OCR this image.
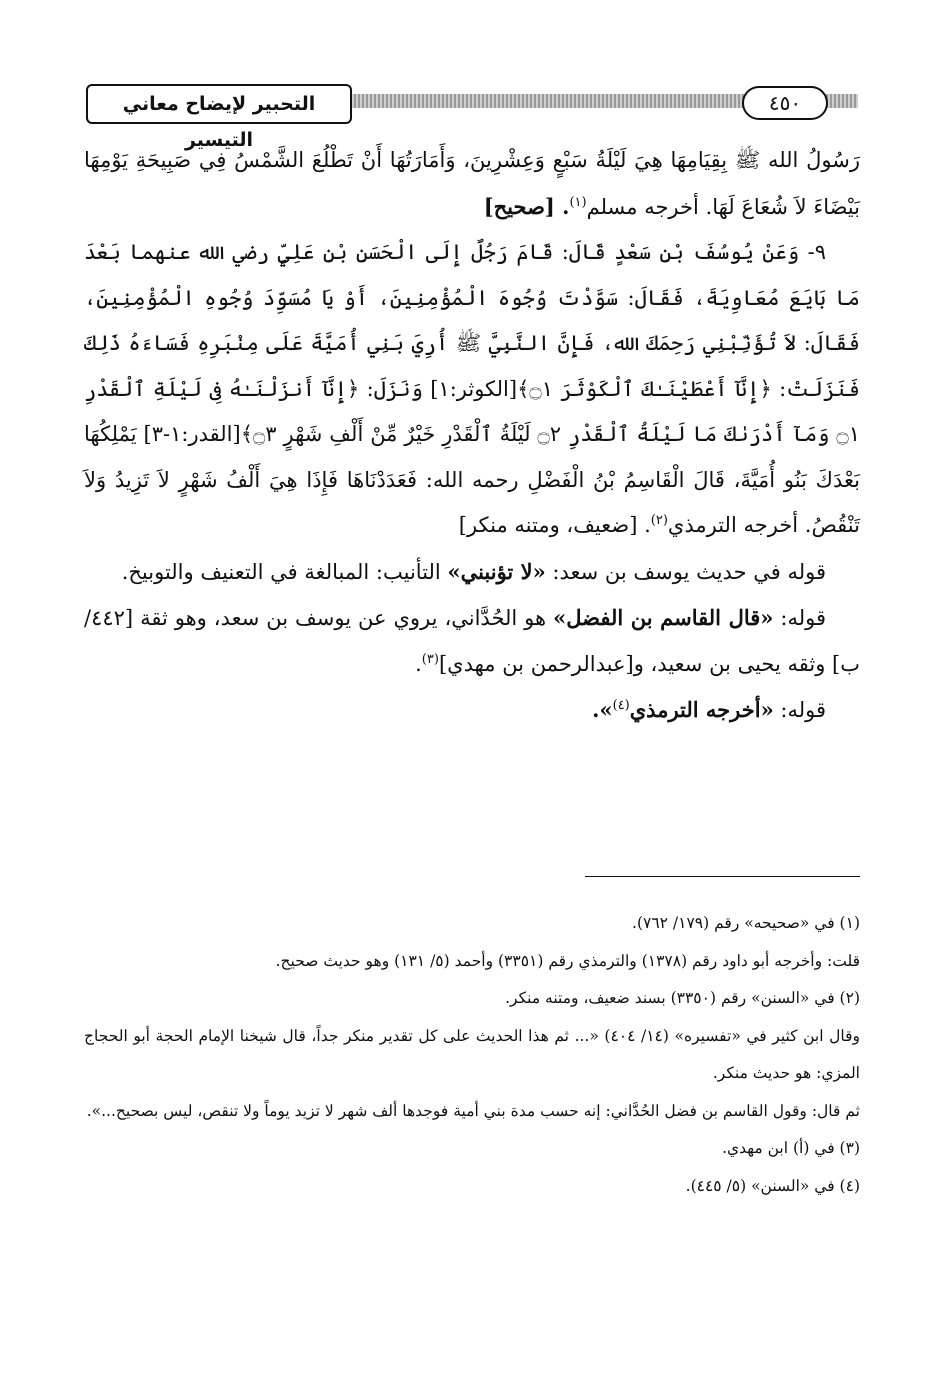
التحبير لإيضاح معاني التيسير
٤٥٠

رَسُولُ الله ﷺ بِقِيَامِهَا هِيَ لَيْلَةُ سَبْعٍ وَعِشْرِينَ، وَأَمَارَتُهَا أَنْ تَطْلُعَ الشَّمْسُ فِي صَبِيحَةِ يَوْمِهَا بَيْضَاءَ لاَ شُعَاعَ لَهَا. أخرجه مسلم$^{(١)}$. [صحيح]

٩- وَعَنْ يُوسُفَ بْنِ سَعْدٍ قَالَ: قَامَ رَجُلٌ إِلَى الْحَسَنِ بْنِ عَلِيٍّ رضي الله عنهما بَعْدَ مَا بَايَعَ مُعَاوِيَةَ، فَقَالَ: سَوَّدْتَ وُجُوهَ الْمُؤْمِنِينَ، أَوْ يَا مُسَوِّدَ وُجُوهِ الْمُؤْمِنِينَ، فَقَالَ: لاَ تُؤَنِّبْنِي رَحِمَكَ الله، فَإِنَّ النَّبِيَّ ﷺ أُرِيَ بَنِي أُمَيَّةَ عَلَى مِنْبَرِهِ فَسَاءَهُ ذَلِكَ فَنَزَلَتْ: ﴿إِنَّآ أَعْطَيْنَـٰكَ ٱلْكَوْثَرَ ۝١﴾[الكوثر:١] وَنَزَلَ: ﴿إِنَّآ أَنزَلْنَـٰهُ فِى لَيْلَةِ ٱلْقَدْرِ ۝١ وَمَآ أَدْرَىٰكَ مَا لَيْلَةُ ٱلْقَدْرِ ۝٢ لَيْلَةُ ٱلْقَدْرِ خَيْرٌ مِّنْ أَلْفِ شَهْرٍ ۝٣﴾[القدر:١-٣] يَمْلِكُهَا بَعْدَكَ بَنُو أُمَيَّةَ، قَالَ الْقَاسِمُ بْنُ الْفَضْلِ رحمه الله: فَعَدَدْنَاهَا فَإِذَا هِيَ أَلْفُ شَهْرٍ لاَ تَزِيدُ وَلاَ تَنْقُصُ. أخرجه الترمذي$^{(٢)}$. [ضعيف، ومتنه منكر]

قوله في حديث يوسف بن سعد: «لا تؤنبني» التأنيب: المبالغة في التعنيف والتوبيخ.

قوله: «قال القاسم بن الفضل» هو الحُدَّاني، يروي عن يوسف بن سعد، وهو ثقة [٤٤٢/ ب] وثقه يحيى بن سعيد، و[عبدالرحمن بن مهدي]$^{(٣)}$.

قوله: «أخرجه الترمذي$^{(٤)}$».

(١) في «صحيحه» رقم (١٧٩/ ٧٦٢).

قلت: وأخرجه أبو داود رقم (١٣٧٨) والترمذي رقم (٣٣٥١) وأحمد (٥/ ١٣١) وهو حديث صحيح.

(٢) في «السنن» رقم (٣٣٥٠) بسند ضعيف، ومتنه منكر.

وقال ابن كثير في «تفسيره» (١٤/ ٤٠٤) «... ثم هذا الحديث على كل تقدير منكر جداً، قال شيخنا الإمام الحجة أبو الحجاج المزي: هو حديث منكر.

ثم قال: وقول القاسم بن فضل الحُدَّاني: إنه حسب مدة بني أمية فوجدها ألف شهر لا تزيد يوماً ولا تنقص، ليس بصحيح...».

(٣) في (أ) ابن مهدي.

(٤) في «السنن» (٥/ ٤٤٥).
